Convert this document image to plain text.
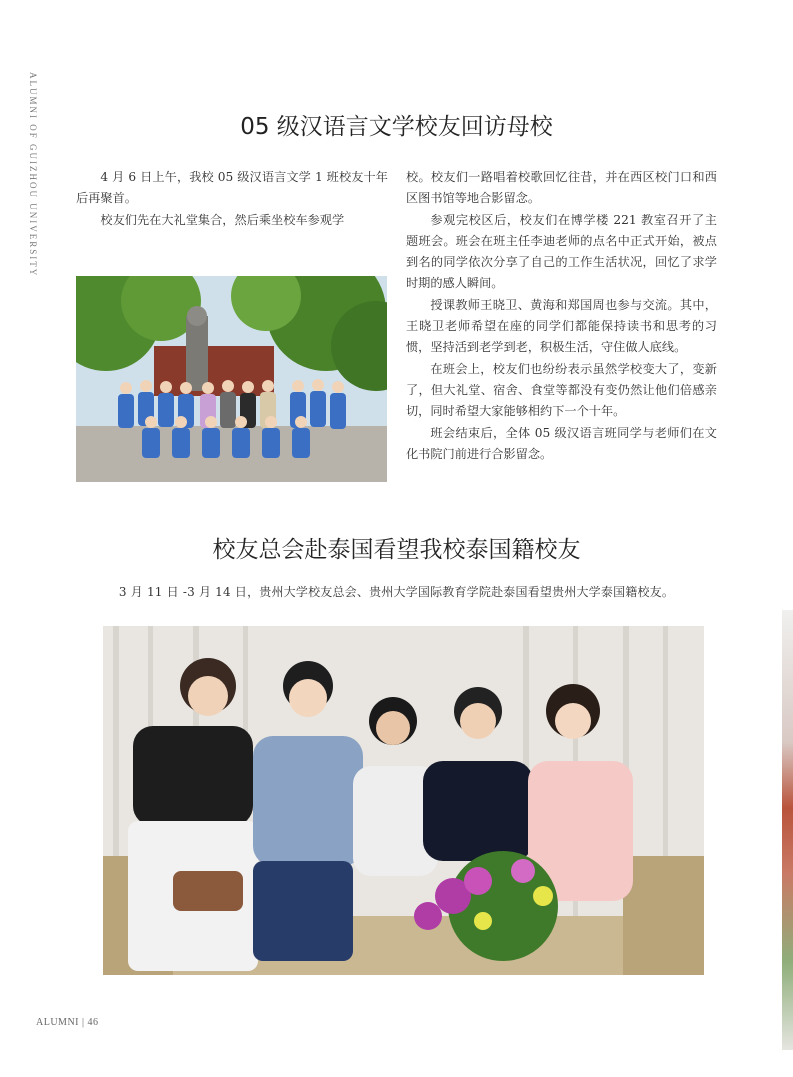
ALUMNI OF GUIZHOU UNIVERSITY	05 级汉语言文学校友回访母校

4 月 6 日上午，我校 05 级汉语言文学 1 班校友十年后再聚首。

校友们先在大礼堂集合，然后乘坐校车参观学

校。校友们一路唱着校歌回忆往昔，并在西区校门口和西区图书馆等地合影留念。

参观完校区后，校友们在博学楼 221 教室召开了主题班会。班会在班主任李迪老师的点名中正式开始，被点到名的同学依次分享了自己的工作生活状况，回忆了求学时期的感人瞬间。

授课教师王晓卫、黄海和郑国周也参与交流。其中，王晓卫老师希望在座的同学们都能保持读书和思考的习惯，坚持活到老学到老，积极生活，守住做人底线。

在班会上，校友们也纷纷表示虽然学校变大了，变新了，但大礼堂、宿舍、食堂等都没有变仍然让他们倍感亲切，同时希望大家能够相约下一个十年。

班会结束后，全体 05 级汉语言班同学与老师们在文化书院门前进行合影留念。

校友总会赴泰国看望我校泰国籍校友
3 月 11 日 -3 月 14 日，贵州大学校友总会、贵州大学国际教育学院赴泰国看望贵州大学泰国籍校友。
ALUMNI | 46
